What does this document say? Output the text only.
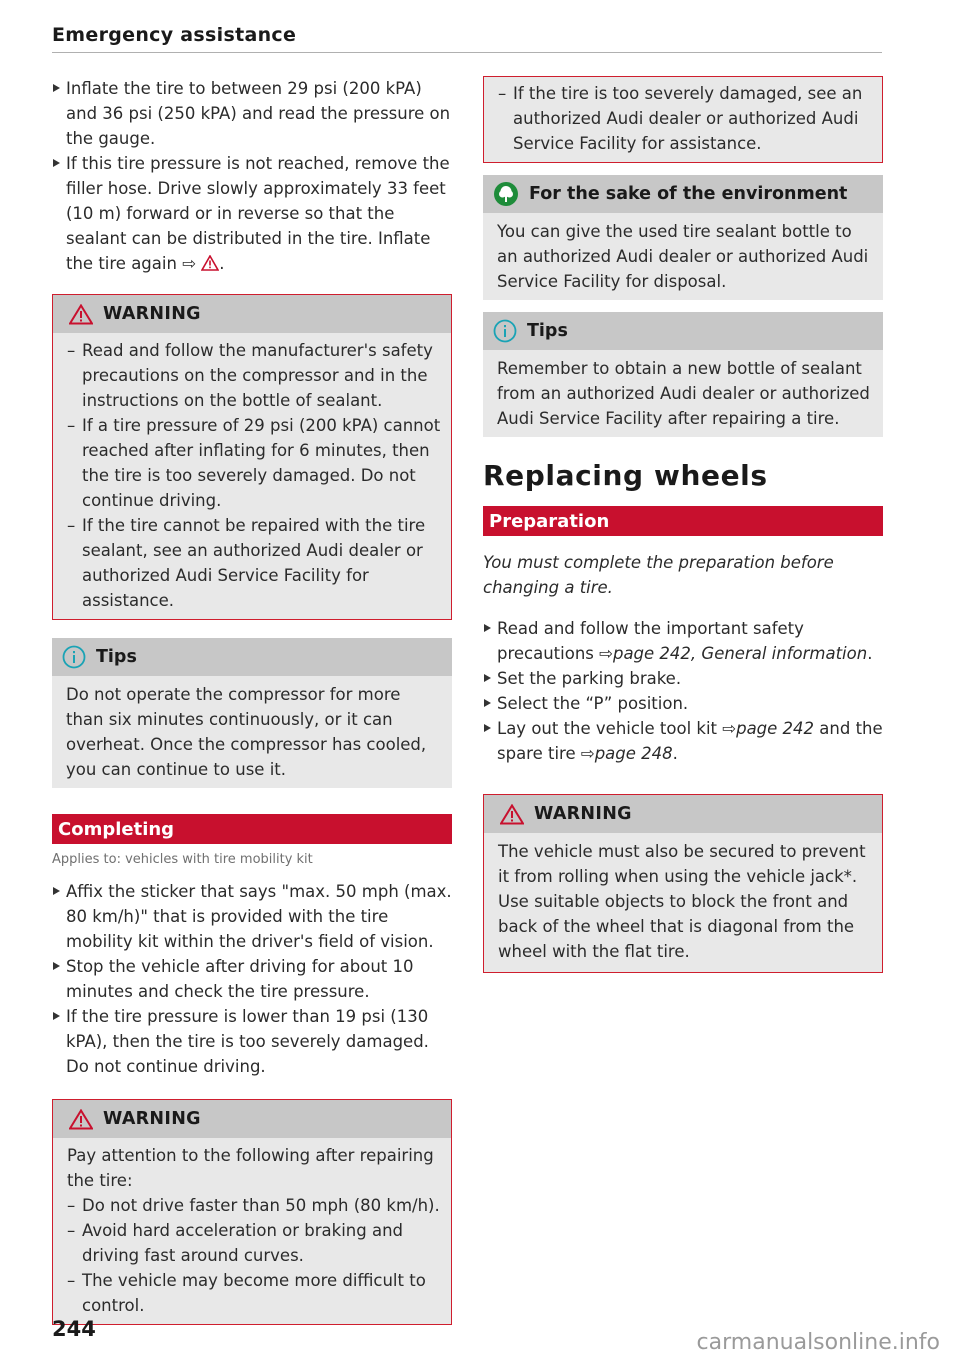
Emergency assistance

Inflate the tire to between 29 psi (200 kPA) and 36 psi (250 kPA) and read the pressure on the gauge.

If this tire pressure is not reached, remove the filler hose. Drive slowly approximately 33 feet (10 m) forward or in reverse so that the sealant can be distributed in the tire. Inflate the tire again ⇨ .

WARNING

– Read and follow the manufacturer's safety precautions on the compressor and in the instructions on the bottle of sealant.

– If a tire pressure of 29 psi (200 kPA) cannot reached after inflating for 6 minutes, then the tire is too severely damaged. Do not continue driving.

– If the tire cannot be repaired with the tire sealant, see an authorized Audi dealer or authorized Audi Service Facility for assistance.

Tips

Do not operate the compressor for more than six minutes continuously, or it can overheat. Once the compressor has cooled, you can continue to use it.

Completing
Applies to: vehicles with tire mobility kit

Affix the sticker that says "max. 50 mph (max. 80 km/h)" that is provided with the tire mobility kit within the driver's field of vision.

Stop the vehicle after driving for about 10 minutes and check the tire pressure.

If the tire pressure is lower than 19 psi (130 kPA), then the tire is too severely damaged. Do not continue driving.

WARNING

Pay attention to the following after repairing the tire:

– Do not drive faster than 50 mph (80 km/h).

– Avoid hard acceleration or braking and driving fast around curves.

– The vehicle may become more difficult to control.

– If the tire is too severely damaged, see an authorized Audi dealer or authorized Audi Service Facility for assistance.

For the sake of the environment

You can give the used tire sealant bottle to an authorized Audi dealer or authorized Audi Service Facility for disposal.

Tips

Remember to obtain a new bottle of sealant from an authorized Audi dealer or authorized Audi Service Facility after repairing a tire.

Replacing wheels
Preparation

You must complete the preparation before changing a tire.

Read and follow the important safety precautions ⇨page 242, General information.

Set the parking brake.

Select the “P” position.

Lay out the vehicle tool kit ⇨page 242 and the spare tire ⇨page 248.

WARNING

The vehicle must also be secured to prevent it from rolling when using the vehicle jack*. Use suitable objects to block the front and back of the wheel that is diagonal from the wheel with the flat tire.

244
carmanualsonline.info
